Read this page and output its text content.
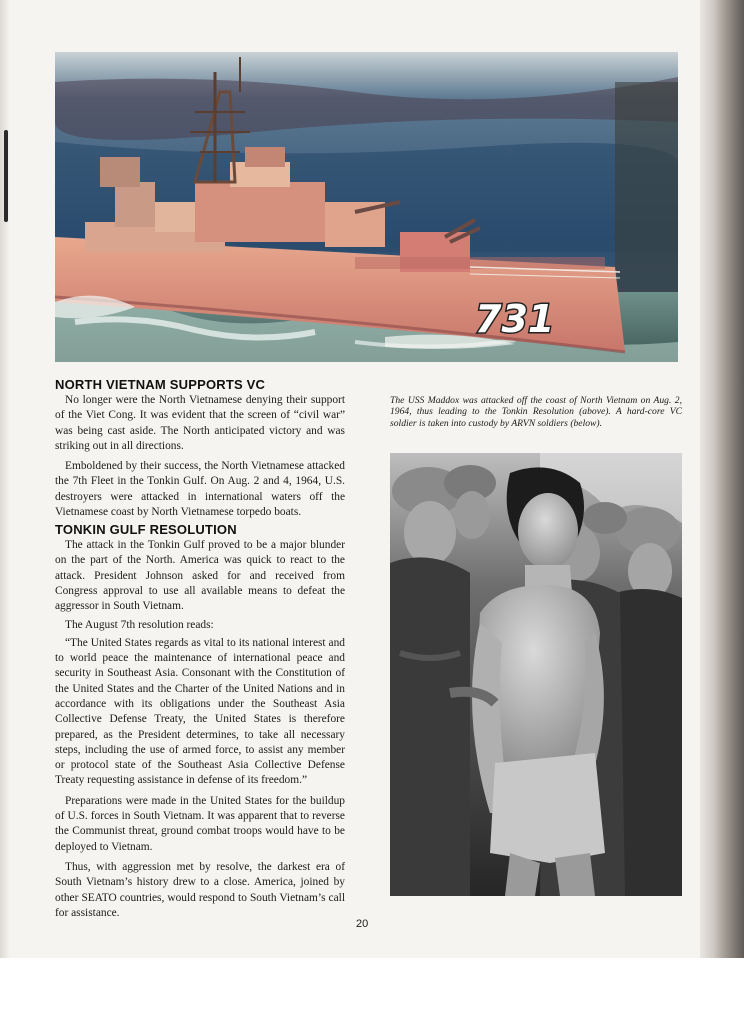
731
NORTH VIETNAM SUPPORTS VC

No longer were the North Vietnamese denying their support of the Viet Cong. It was evident that the screen of “civil war” was being cast aside. The North anticipated victory and was striking out in all directions.

Emboldened by their success, the North Vietnamese attacked the 7th Fleet in the Tonkin Gulf. On Aug. 2 and 4, 1964, U.S. destroyers were attacked in international waters off the Vietnamese coast by North Vietnamese torpedo boats.

TONKIN GULF RESOLUTION

The attack in the Tonkin Gulf proved to be a major blunder on the part of the North. America was quick to react to the attack. President Johnson asked for and received from Congress approval to use all available means to defeat the aggressor in South Vietnam.

The August 7th resolution reads:

“The United States regards as vital to its national interest and to world peace the maintenance of international peace and security in Southeast Asia. Consonant with the Constitution of the United States and the Charter of the United Nations and in accordance with its obligations under the Southeast Asia Collective Defense Treaty, the United States is therefore prepared, as the President determines, to take all necessary steps, including the use of armed force, to assist any member or protocol state of the Southeast Asia Collective Defense Treaty requesting assistance in defense of its freedom.”

Preparations were made in the United States for the buildup of U.S. forces in South Vietnam. It was apparent that to reverse the Communist threat, ground combat troops would have to be deployed to Vietnam.

Thus, with aggression met by resolve, the darkest era of South Vietnam’s history drew to a close. America, joined by other SEATO countries, would respond to South Vietnam’s call for assistance.

The USS Maddox was attacked off the coast of North Vietnam on Aug. 2, 1964, thus leading to the Tonkin Resolution (above). A hard-core VC soldier is taken into custody by ARVN soldiers (below).

20
